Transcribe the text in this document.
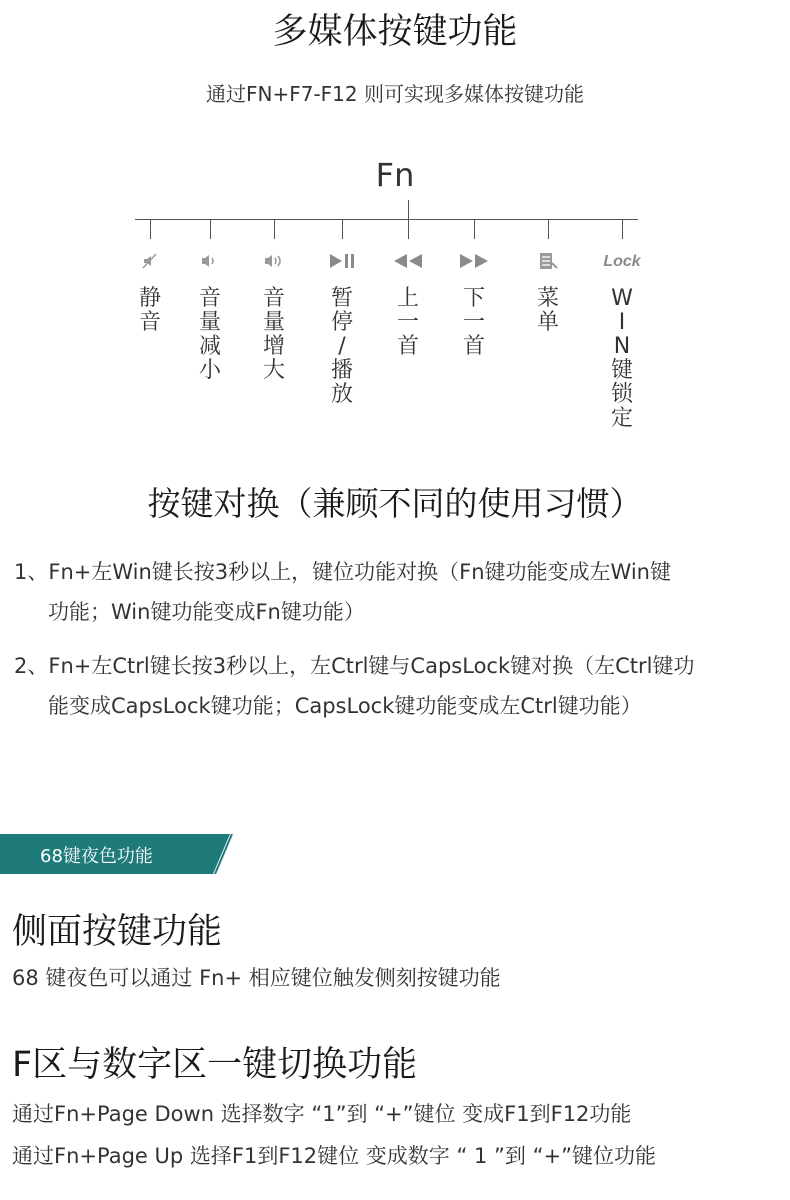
多媒体按键功能
通过FN+F7-F12 则可实现多媒体按键功能
Fn
静
音
音
量
减
小
音
量
增
大
暂
停
/
播
放
上
一
首
下
一
首
菜
单
Lock
W
I
N
键
锁
定
按键对换（兼顾不同的使用习惯）
1、Fn+左Win键长按3秒以上，键位功能对换（Fn键功能变成左Win键
功能；Win键功能变成Fn键功能）
2、Fn+左Ctrl键长按3秒以上，左Ctrl键与CapsLock键对换（左Ctrl键功
能变成CapsLock键功能；CapsLock键功能变成左Ctrl键功能）
68键夜色功能
侧面按键功能
68 键夜色可以通过 Fn+ 相应键位触发侧刻按键功能
F区与数字区一键切换功能
通过Fn+Page Down 选择数字 “1”到 “+”键位 变成F1到F12功能
通过Fn+Page Up 选择F1到F12键位 变成数字 “ 1 ”到 “+”键位功能
